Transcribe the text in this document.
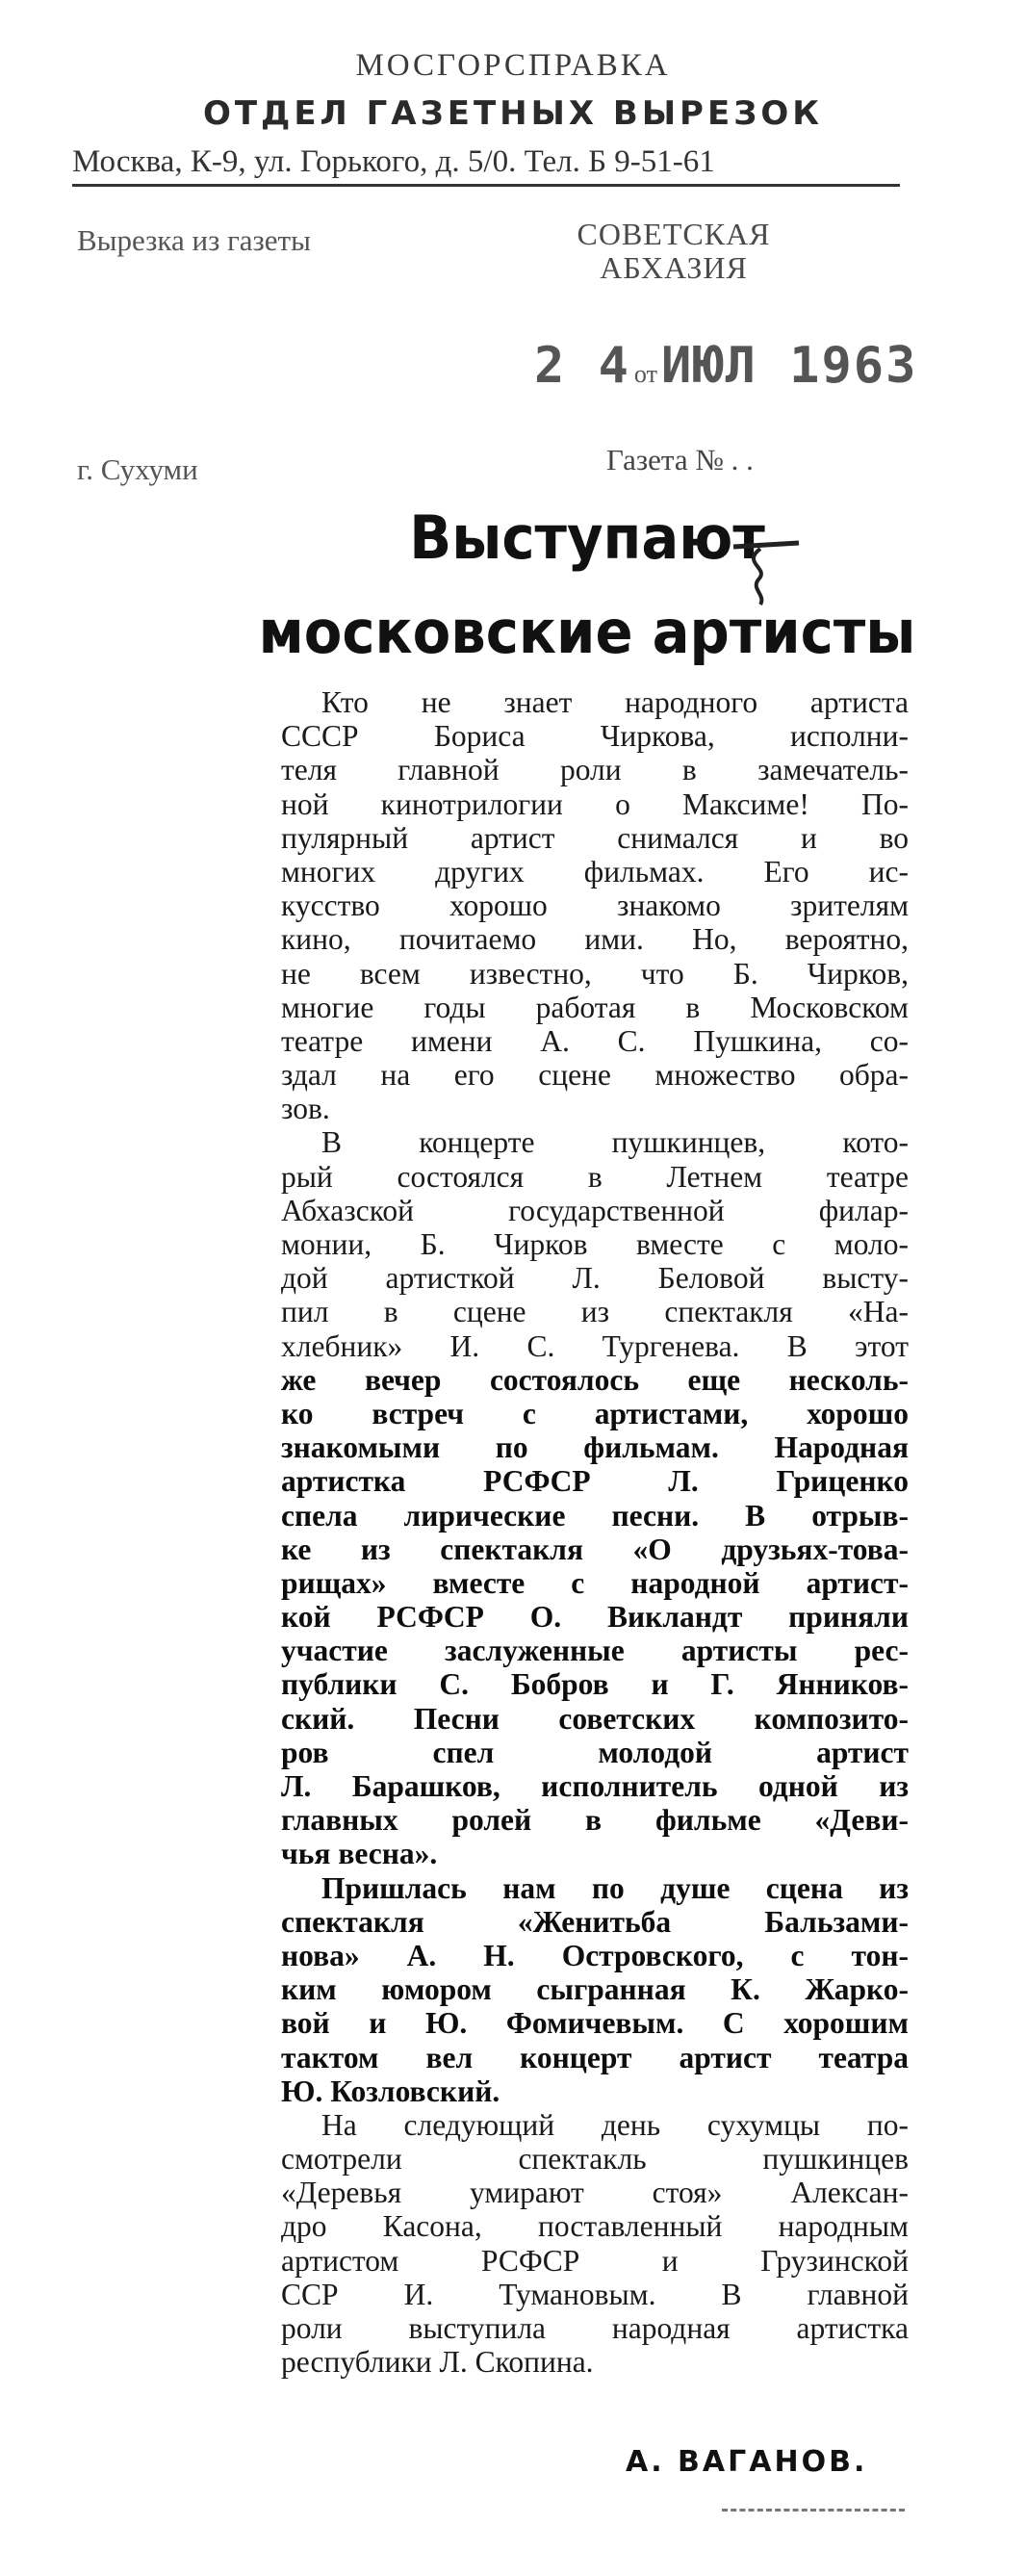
МОСГОРСПРАВКА
ОТДЕЛ ГАЗЕТНЫХ ВЫРЕЗОК
Москва, К-9, ул. Горького, д. 5/0. Тел. Б 9-51-61
Вырезка из газеты	СОВЕТСКАЯ
АБХАЗИЯ
2 4 от ИЮЛ 1963
г. Сухуми	Газета № . .
Выступают
московские артисты
Кто не знает народного артиста
СССР Бориса Чиркова, исполни-
теля главной роли в замечатель-
ной кинотрилогии о Максиме! По-
пулярный артист снимался и во
многих других фильмах. Его ис-
кусство хорошо знакомо зрителям
кино, почитаемо ими. Но, вероятно,
не всем известно, что Б. Чирков,
многие годы работая в Московском
театре имени А. С. Пушкина, со-
здал на его сцене множество обра-
зов.
В концерте пушкинцев, кото-
рый состоялся в Летнем театре
Абхазской государственной филар-
монии, Б. Чирков вместе с моло-
дой артисткой Л. Беловой высту-
пил в сцене из спектакля «На-
хлебник» И. С. Тургенева. В этот
же вечер состоялось еще несколь-
ко встреч с артистами, хорошо
знакомыми по фильмам. Народная
артистка РСФСР Л. Гриценко
спела лирические песни. В отрыв-
ке из спектакля «О друзьях-това-
рищах» вместе с народной артист-
кой РСФСР О. Викландт приняли
участие заслуженные артисты рес-
публики С. Бобров и Г. Янников-
ский. Песни советских композито-
ров спел молодой артист
Л. Барашков, исполнитель одной из
главных ролей в фильме «Деви-
чья весна».
Пришлась нам по душе сцена из
спектакля «Женитьба Бальзами-
нова» А. Н. Островского, с тон-
ким юмором сыгранная К. Жарко-
вой и Ю. Фомичевым. С хорошим
тактом вел концерт артист театра
Ю. Козловский.
На следующий день сухумцы по-
смотрели спектакль пушкинцев
«Деревья умирают стоя» Алексан-
дро Касона, поставленный народным
артистом РСФСР и Грузинской
ССР И. Тумановым. В главной
роли выступила народная артистка
республики Л. Скопина.
А. ВАГАНОВ.
